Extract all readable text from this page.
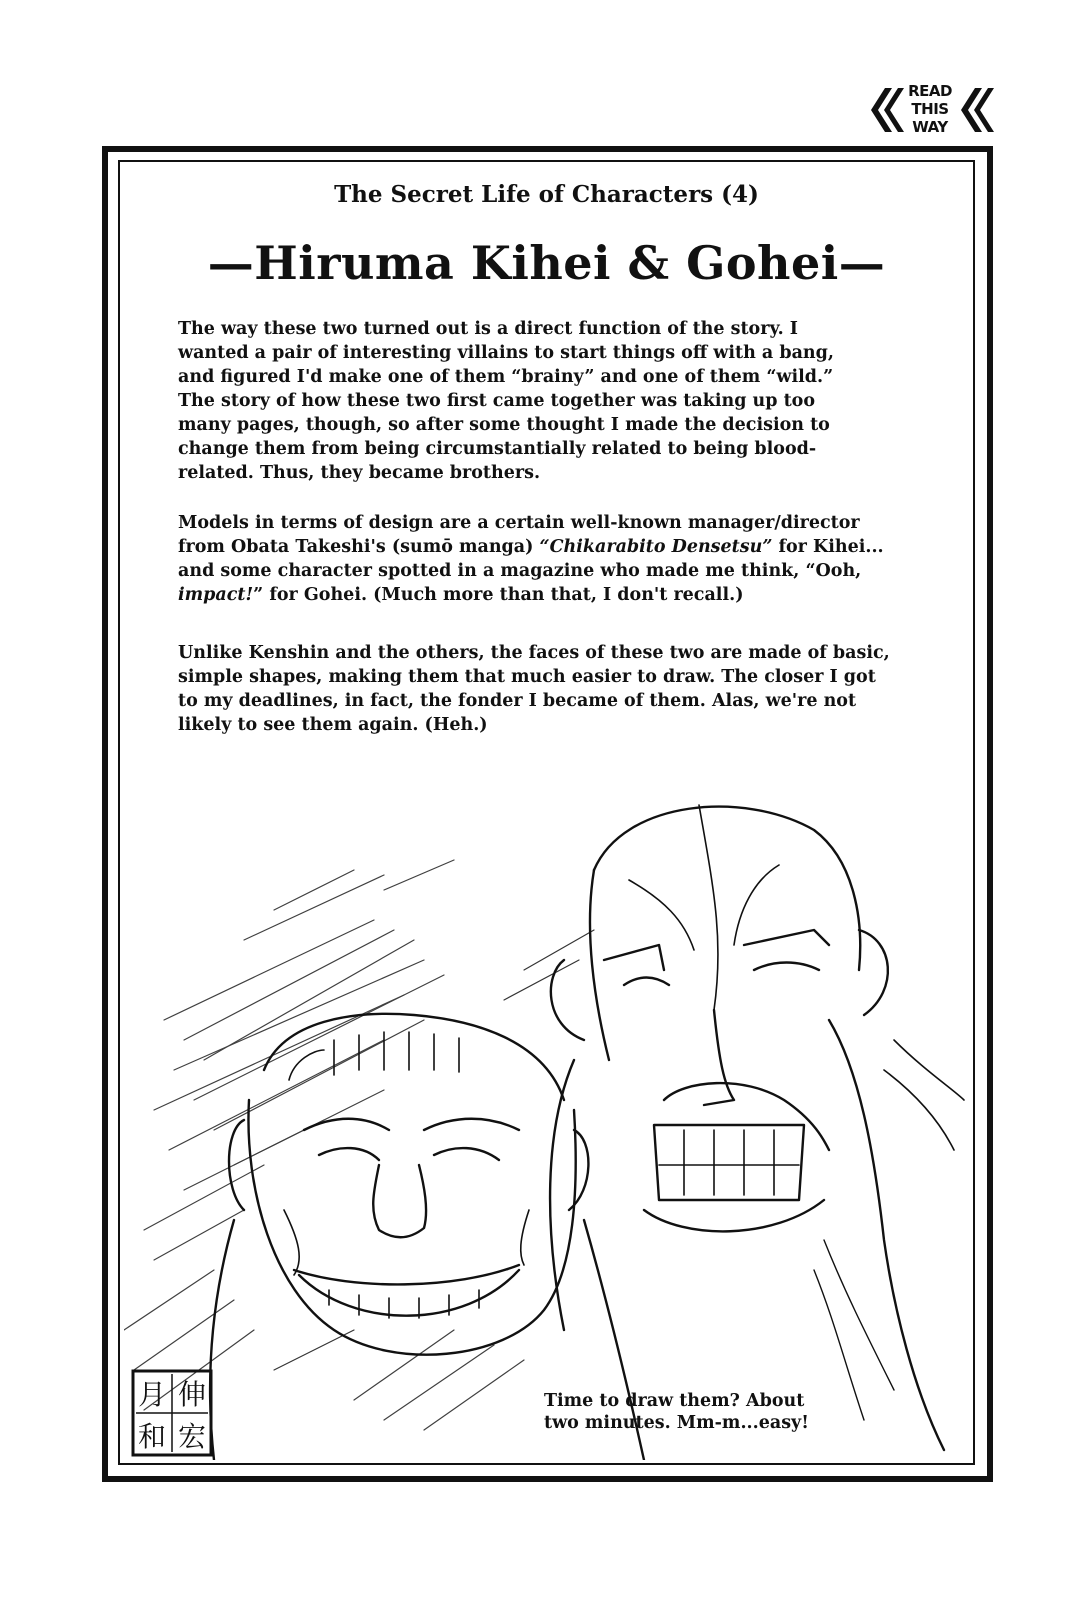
READ
THIS
WAY
The Secret Life of Characters (4)
—Hiruma Kihei & Gohei—

The way these two turned out is a direct function of the story. I
wanted a pair of interesting villains to start things off with a bang,
and figured I'd make one of them “brainy” and one of them “wild.”
The story of how these two first came together was taking up too
many pages, though, so after some thought I made the decision to
change them from being circumstantially related to being blood-
related. Thus, they became brothers.

Models in terms of design are a certain well-known manager/director
from Obata Takeshi's (sumō manga) “Chikarabito Densetsu” for Kihei...
and some character spotted in a magazine who made me think, “Ooh,
impact!” for Gohei. (Much more than that, I don't recall.)

Unlike Kenshin and the others, the faces of these two are made of basic,
simple shapes, making them that much easier to draw. The closer I got
to my deadlines, in fact, the fonder I became of them. Alas, we're not
likely to see them again. (Heh.)

伸
和 宏
月	Time to draw them? About
two minutes. Mm-m...easy!
